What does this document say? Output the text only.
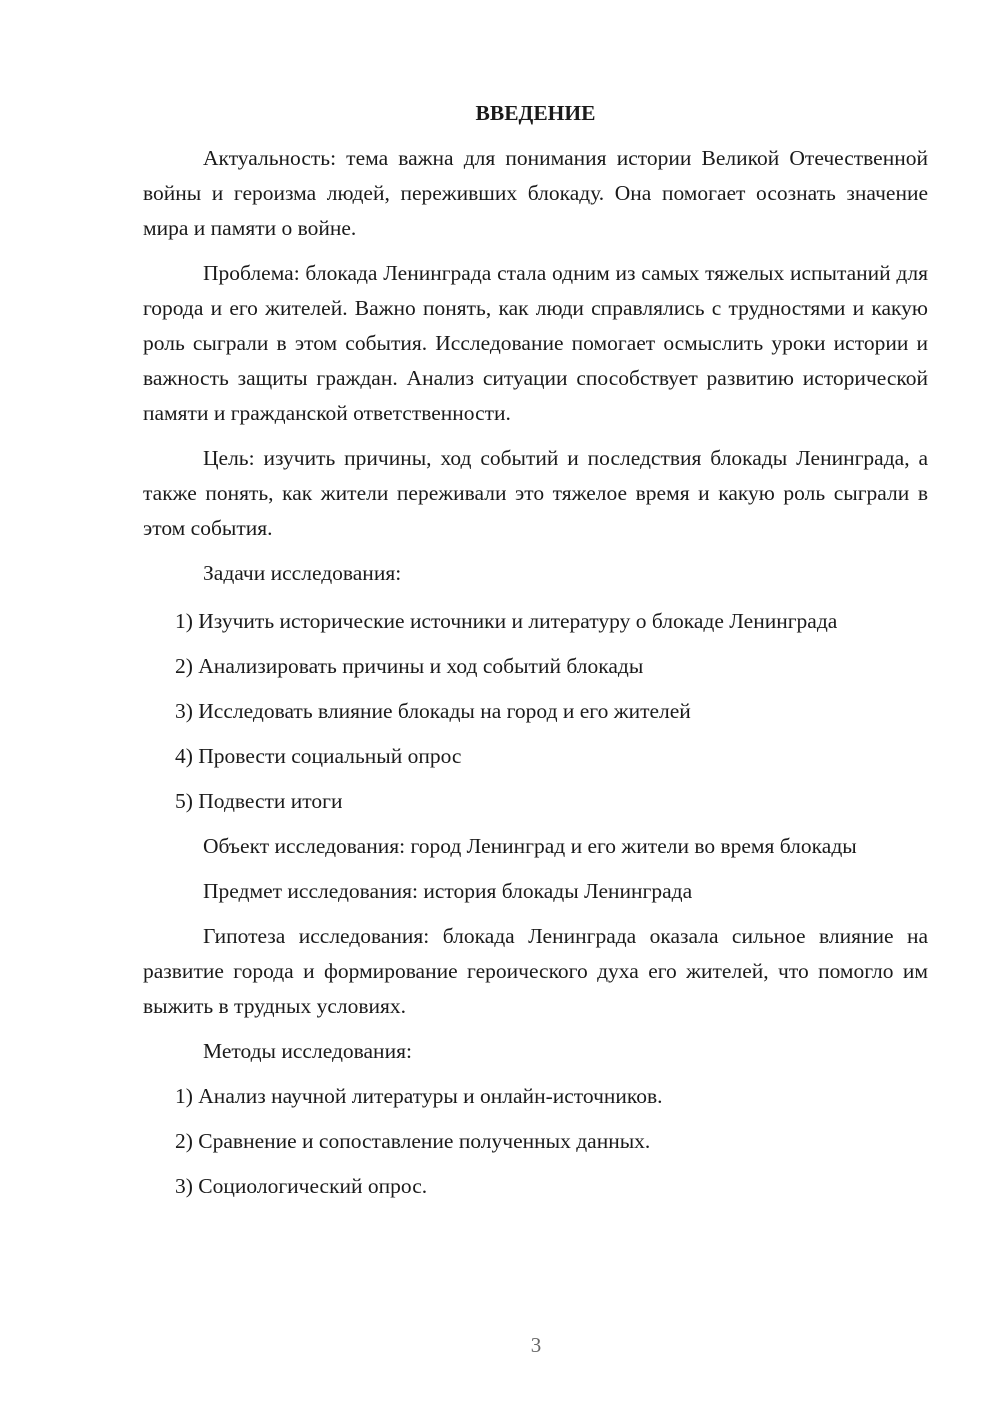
ВВЕДЕНИЕ

Актуальность: тема важна для понимания истории Великой Отечественной войны и героизма людей, переживших блокаду. Она помогает осознать значение мира и памяти о войне.

Проблема: блокада Ленинграда стала одним из самых тяжелых испытаний для города и его жителей. Важно понять, как люди справлялись с трудностями и какую роль сыграли в этом события. Исследование помогает осмыслить уроки истории и важность защиты граждан. Анализ ситуации способствует развитию исторической памяти и гражданской ответственности.

Цель: изучить причины, ход событий и последствия блокады Ленинграда, а также понять, как жители переживали это тяжелое время и какую роль сыграли в этом события.

Задачи исследования:

1) Изучить исторические источники и литературу о блокаде Ленинграда

2) Анализировать причины и ход событий блокады

3) Исследовать влияние блокады на город и его жителей

4) Провести социальный опрос

5) Подвести итоги

Объект исследования: город Ленинград и его жители во время блокады

Предмет исследования: история блокады Ленинграда

Гипотеза исследования: блокада Ленинграда оказала сильное влияние на развитие города и формирование героического духа его жителей, что помогло им выжить в трудных условиях.

Методы исследования:

1) Анализ научной литературы и онлайн-источников.

2) Сравнение и сопоставление полученных данных.

3) Социологический опрос.

3
